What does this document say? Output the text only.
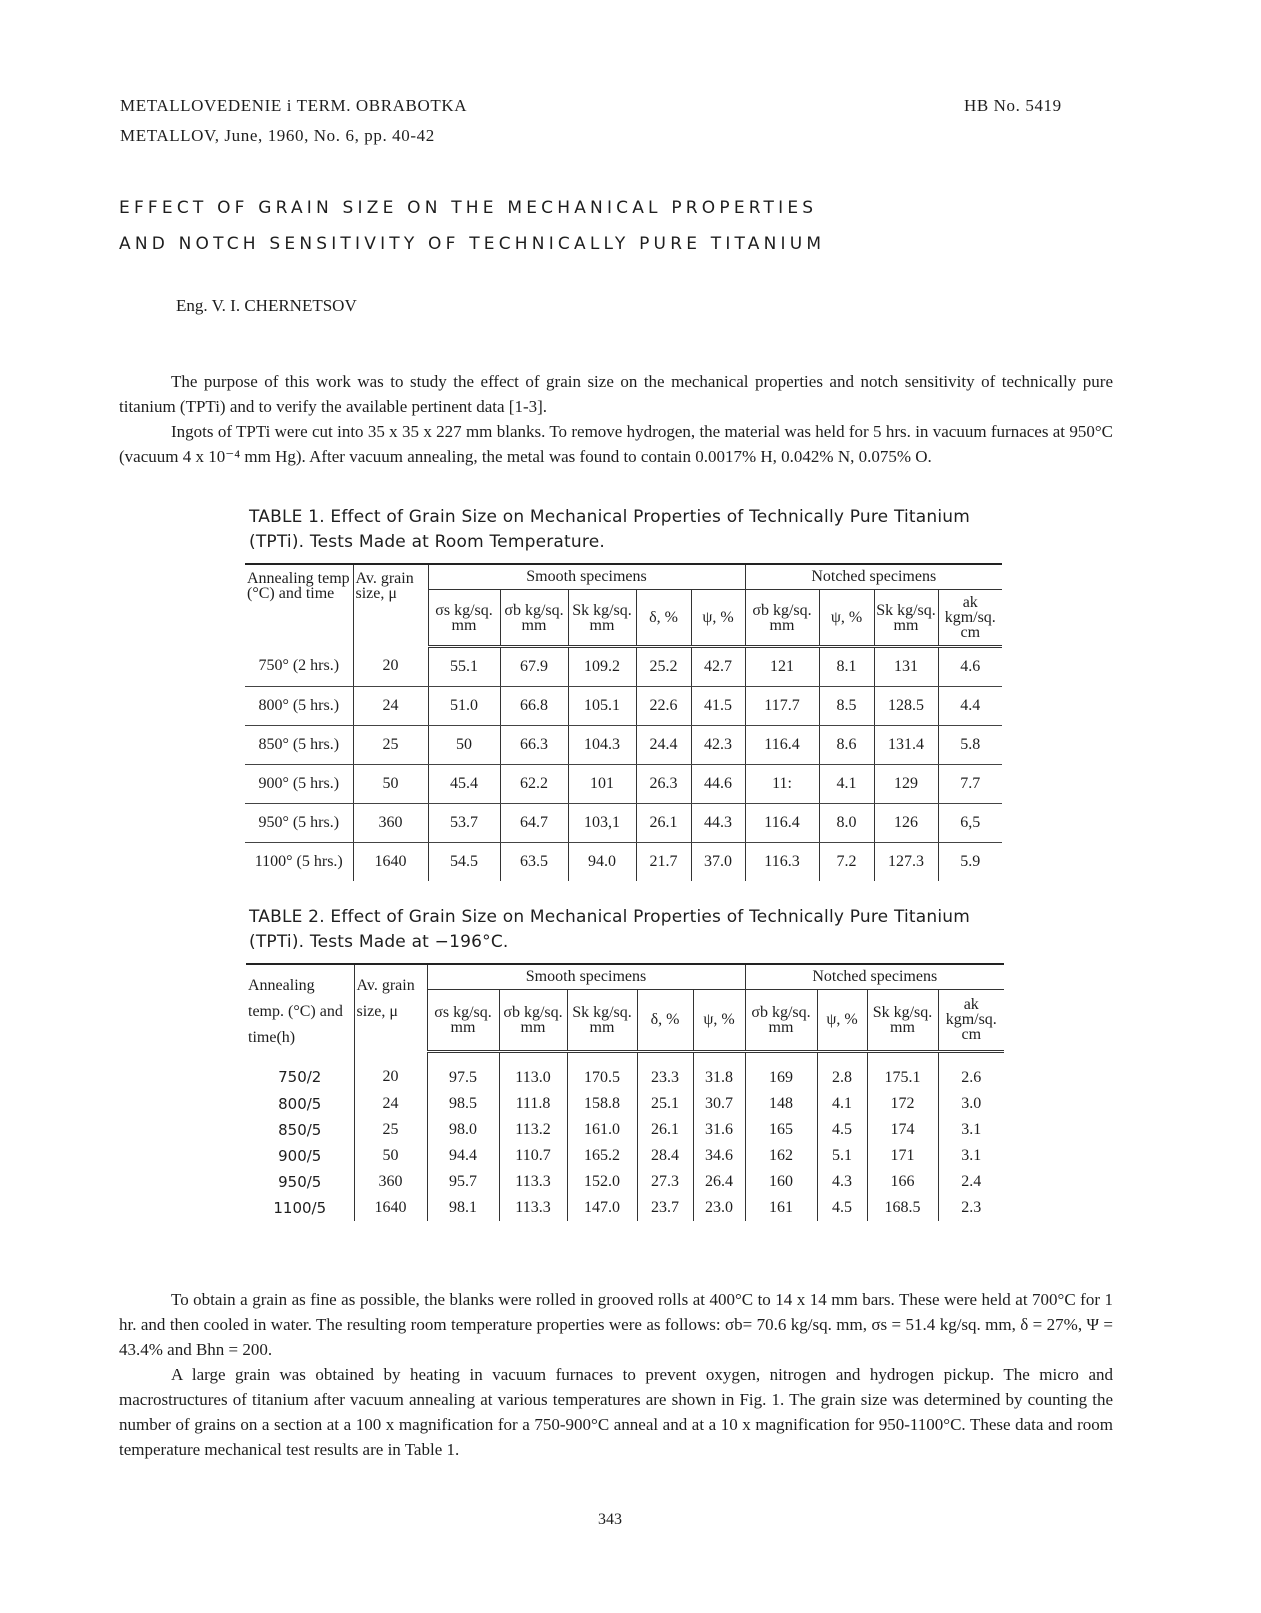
METALLOVEDENIE i TERM. OBRABOTKA
METALLOV, June, 1960, No. 6, pp. 40-42
HB No. 5419
EFFECT OF GRAIN SIZE ON THE MECHANICAL PROPERTIES
AND NOTCH SENSITIVITY OF TECHNICALLY PURE TITANIUM
Eng. V. I. CHERNETSOV

The purpose of this work was to study the effect of grain size on the mechanical properties and notch sensitivity of technically pure titanium (TPTi) and to verify the available pertinent data [1-3].

Ingots of TPTi were cut into 35 x 35 x 227 mm blanks. To remove hydrogen, the material was held for 5 hrs. in vacuum furnaces at 950°C (vacuum 4 x 10⁻⁴ mm Hg). After vacuum annealing, the metal was found to contain 0.0017% H, 0.042% N, 0.075% O.

TABLE 1. Effect of Grain Size on Mechanical Properties of Technically Pure Titanium (TPTi). Tests Made at Room Temperature.
Annealing temp (°C) and time	Av. grain size, μ	Smooth specimens					Notched specimens			
		σs kg/sq. mm	σb kg/sq. mm	Sk kg/sq. mm	δ, %	ψ, %	σb kg/sq. mm	ψ, %	Sk kg/sq. mm	ak kgm/sq. cm
750° (2 hrs.)	20	55.1	67.9	109.2	25.2	42.7	121	8.1	131	4.6
800° (5 hrs.)	24	51.0	66.8	105.1	22.6	41.5	117.7	8.5	128.5	4.4
850° (5 hrs.)	25	50	66.3	104.3	24.4	42.3	116.4	8.6	131.4	5.8
900° (5 hrs.)	50	45.4	62.2	101	26.3	44.6	11:	4.1	129	7.7
950° (5 hrs.)	360	53.7	64.7	103,1	26.1	44.3	116.4	8.0	126	6,5
1100° (5 hrs.)	1640	54.5	63.5	94.0	21.7	37.0	116.3	7.2	127.3	5.9
TABLE 2. Effect of Grain Size on Mechanical Properties of Technically Pure Titanium (TPTi). Tests Made at −196°C.
Annealing temp. (°C) and time(h)	Av. grain size, μ	Smooth specimens					Notched specimens			
		σs kg/sq. mm	σb kg/sq. mm	Sk kg/sq. mm	δ, %	ψ, %	σb kg/sq. mm	ψ, %	Sk kg/sq. mm	ak kgm/sq. cm
750/2	20	97.5	113.0	170.5	23.3	31.8	169	2.8	175.1	2.6
800/5	24	98.5	111.8	158.8	25.1	30.7	148	4.1	172	3.0
850/5	25	98.0	113.2	161.0	26.1	31.6	165	4.5	174	3.1
900/5	50	94.4	110.7	165.2	28.4	34.6	162	5.1	171	3.1
950/5	360	95.7	113.3	152.0	27.3	26.4	160	4.3	166	2.4
1100/5	1640	98.1	113.3	147.0	23.7	23.0	161	4.5	168.5	2.3

To obtain a grain as fine as possible, the blanks were rolled in grooved rolls at 400°C to 14 x 14 mm bars. These were held at 700°C for 1 hr. and then cooled in water. The resulting room temperature properties were as follows: σb= 70.6 kg/sq. mm, σs = 51.4 kg/sq. mm, δ = 27%, Ψ = 43.4% and Bhn = 200.

A large grain was obtained by heating in vacuum furnaces to prevent oxygen, nitrogen and hydrogen pickup. The micro and macrostructures of titanium after vacuum annealing at various temperatures are shown in Fig. 1. The grain size was determined by counting the number of grains on a section at a 100 x magnification for a 750-900°C anneal and at a 10 x magnification for 950-1100°C. These data and room temperature mechanical test results are in Table 1.

343
